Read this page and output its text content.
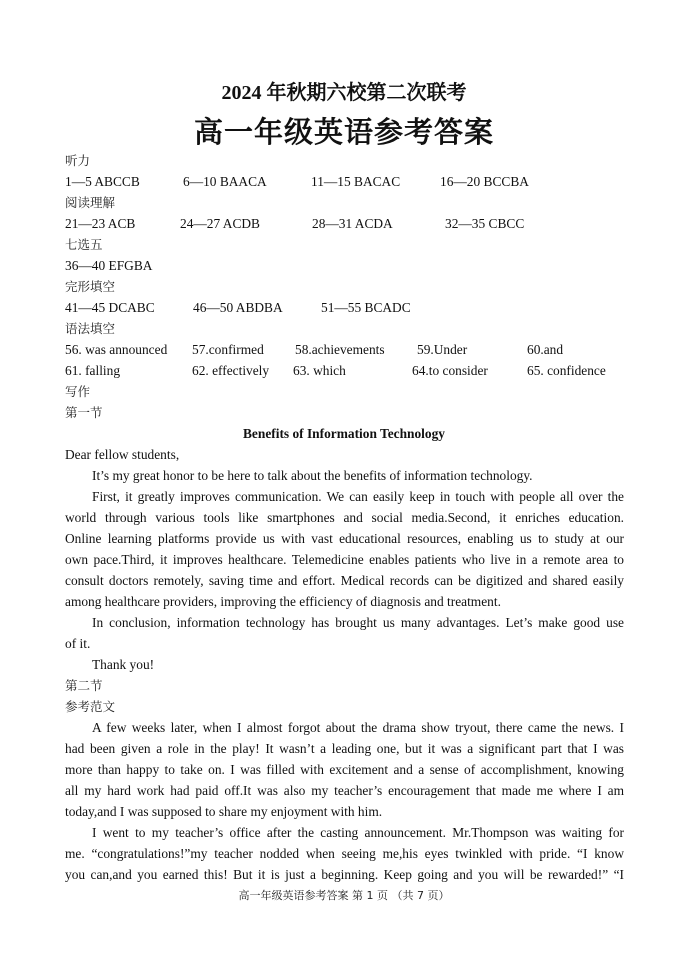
2024 年秋期六校第二次联考
高一年级英语参考答案
听力
1—5 ABCCB	6—10 BAACA	11—15 BACAC	16—20 BCCBA
阅读理解
21—23 ACB	24—27 ACDB	28—31 ACDA	32—35 CBCC
七选五
36—40 EFGBA
完形填空
41—45 DCABC	46—50 ABDBA	51—55 BCADC
语法填空
56. was announced 57.confirmed 58.achievements 59.Under	60.and
61. falling	62. effectively 63. which	64.to consider	65. confidence
写作
第一节
Benefits of Information Technology
Dear fellow students,
It’s my great honor to be here to talk about the benefits of information technology.
First, it greatly improves communication. We can easily keep in touch with people all over the
world through various tools like smartphones and social media.Second, it enriches education.
Online learning platforms provide us with vast educational resources, enabling us to study at our
own pace.Third, it improves healthcare. Telemedicine enables patients who live in a remote area to
consult doctors remotely, saving time and effort. Medical records can be digitized and shared easily
among healthcare providers, improving the efficiency of diagnosis and treatment.
In conclusion, information technology has brought us many advantages. Let’s make good use
of it.
Thank you!
第二节
参考范文
A few weeks later, when I almost forgot about the drama show tryout, there came the news. I
had been given a role in the play! It wasn’t a leading one, but it was a significant part that I was
more than happy to take on. I was filled with excitement and a sense of accomplishment, knowing
all my hard work had paid off.It was also my teacher’s encouragement that made me where I am
today,and I was supposed to share my enjoyment with him.
I went to my teacher’s office after the casting announcement. Mr.Thompson was waiting for
me. “congratulations!”my teacher nodded when seeing me,his eyes twinkled with pride. “I know
you can,and you earned this! But it is just a beginning. Keep going and you will be rewarded!” “I
高一年级英语参考答案 第 1 页 （共 7 页）
